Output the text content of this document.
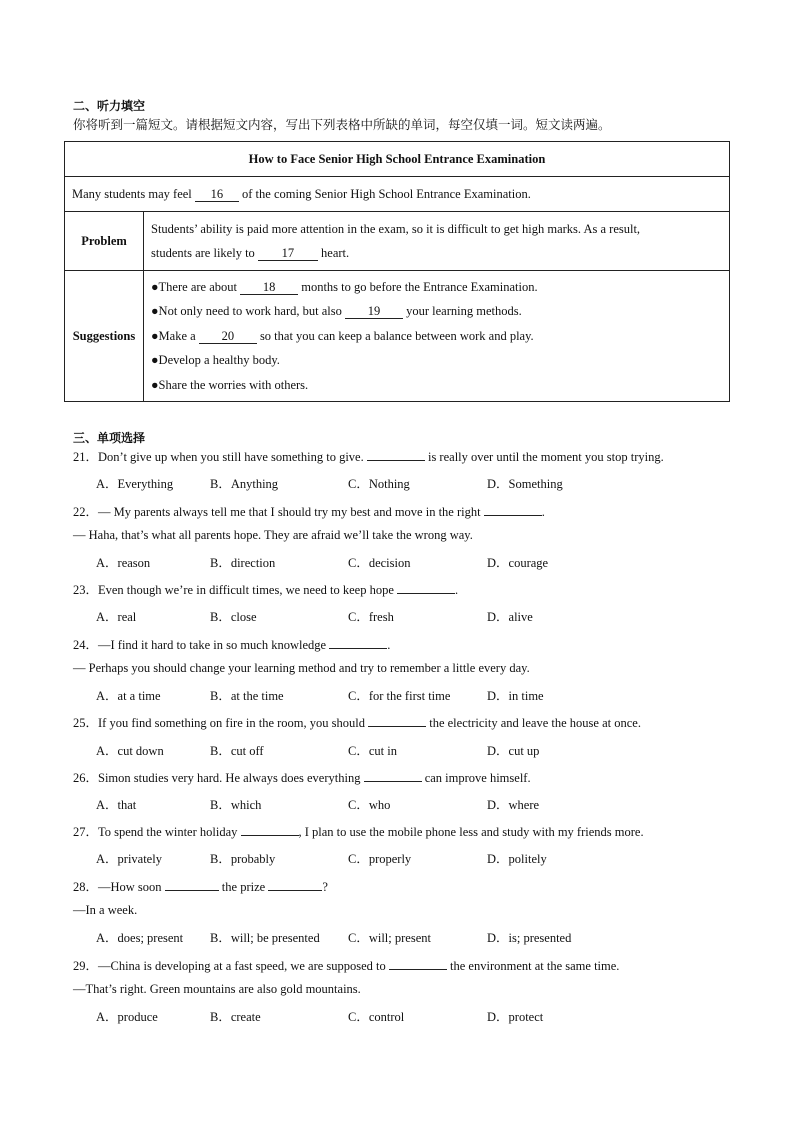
二、听力填空
你将听到一篇短文。请根据短文内容，写出下列表格中所缺的单词，每空仅填一词。短文读两遍。
How to Face Senior High School Entrance Examination	
Many students may feel 16 of the coming Senior High School Entrance Examination.	
Problem	Students’ ability is paid more attention in the exam, so it is difficult to get high marks. As a result,
students are likely to 17 heart.

Suggestions	●There are about 18 months to go before the Entrance Examination.
●Not only need to work hard, but also 19 your learning methods.
●Make a 20 so that you can keep a balance between work and play.
●Develop a healthy body.
●Share the worries with others.
三、单项选择
21．Don’t give up when you still have something to give.	is really over until the moment you stop trying.
A．Everything	B．Anything	C．Nothing	D．Something
22．— My parents always tell me that I should try my best and move in the right	.
— Haha, that’s what all parents hope. They are afraid we’ll take the wrong way.
A．reason	B．direction	C．decision	D．courage
23．Even though we’re in difficult times, we need to keep hope	.
A．real	B．close	C．fresh	D．alive
24．—I find it hard to take in so much knowledge	.
— Perhaps you should change your learning method and try to remember a little every day.
A．at a time	B．at the time	C．for the first time	D．in time
25．If you find something on fire in the room, you should	the electricity and leave the house at once.
A．cut down	B．cut off	C．cut in	D．cut up
26．Simon studies very hard. He always does everything	can improve himself.
A．that	B．which	C．who	D．where
27．To spend the winter holiday	, I plan to use the mobile phone less and study with my friends more.
A．privately	B．probably	C．properly	D．politely
28．—How soon	the prize	?
—In a week.
A．does; present B．will; be presented C．will; present	D．is; presented
29．—China is developing at a fast speed, we are supposed to	the environment at the same time.
—That’s right. Green mountains are also gold mountains.
A．produce	B．create	C．control	D．protect
